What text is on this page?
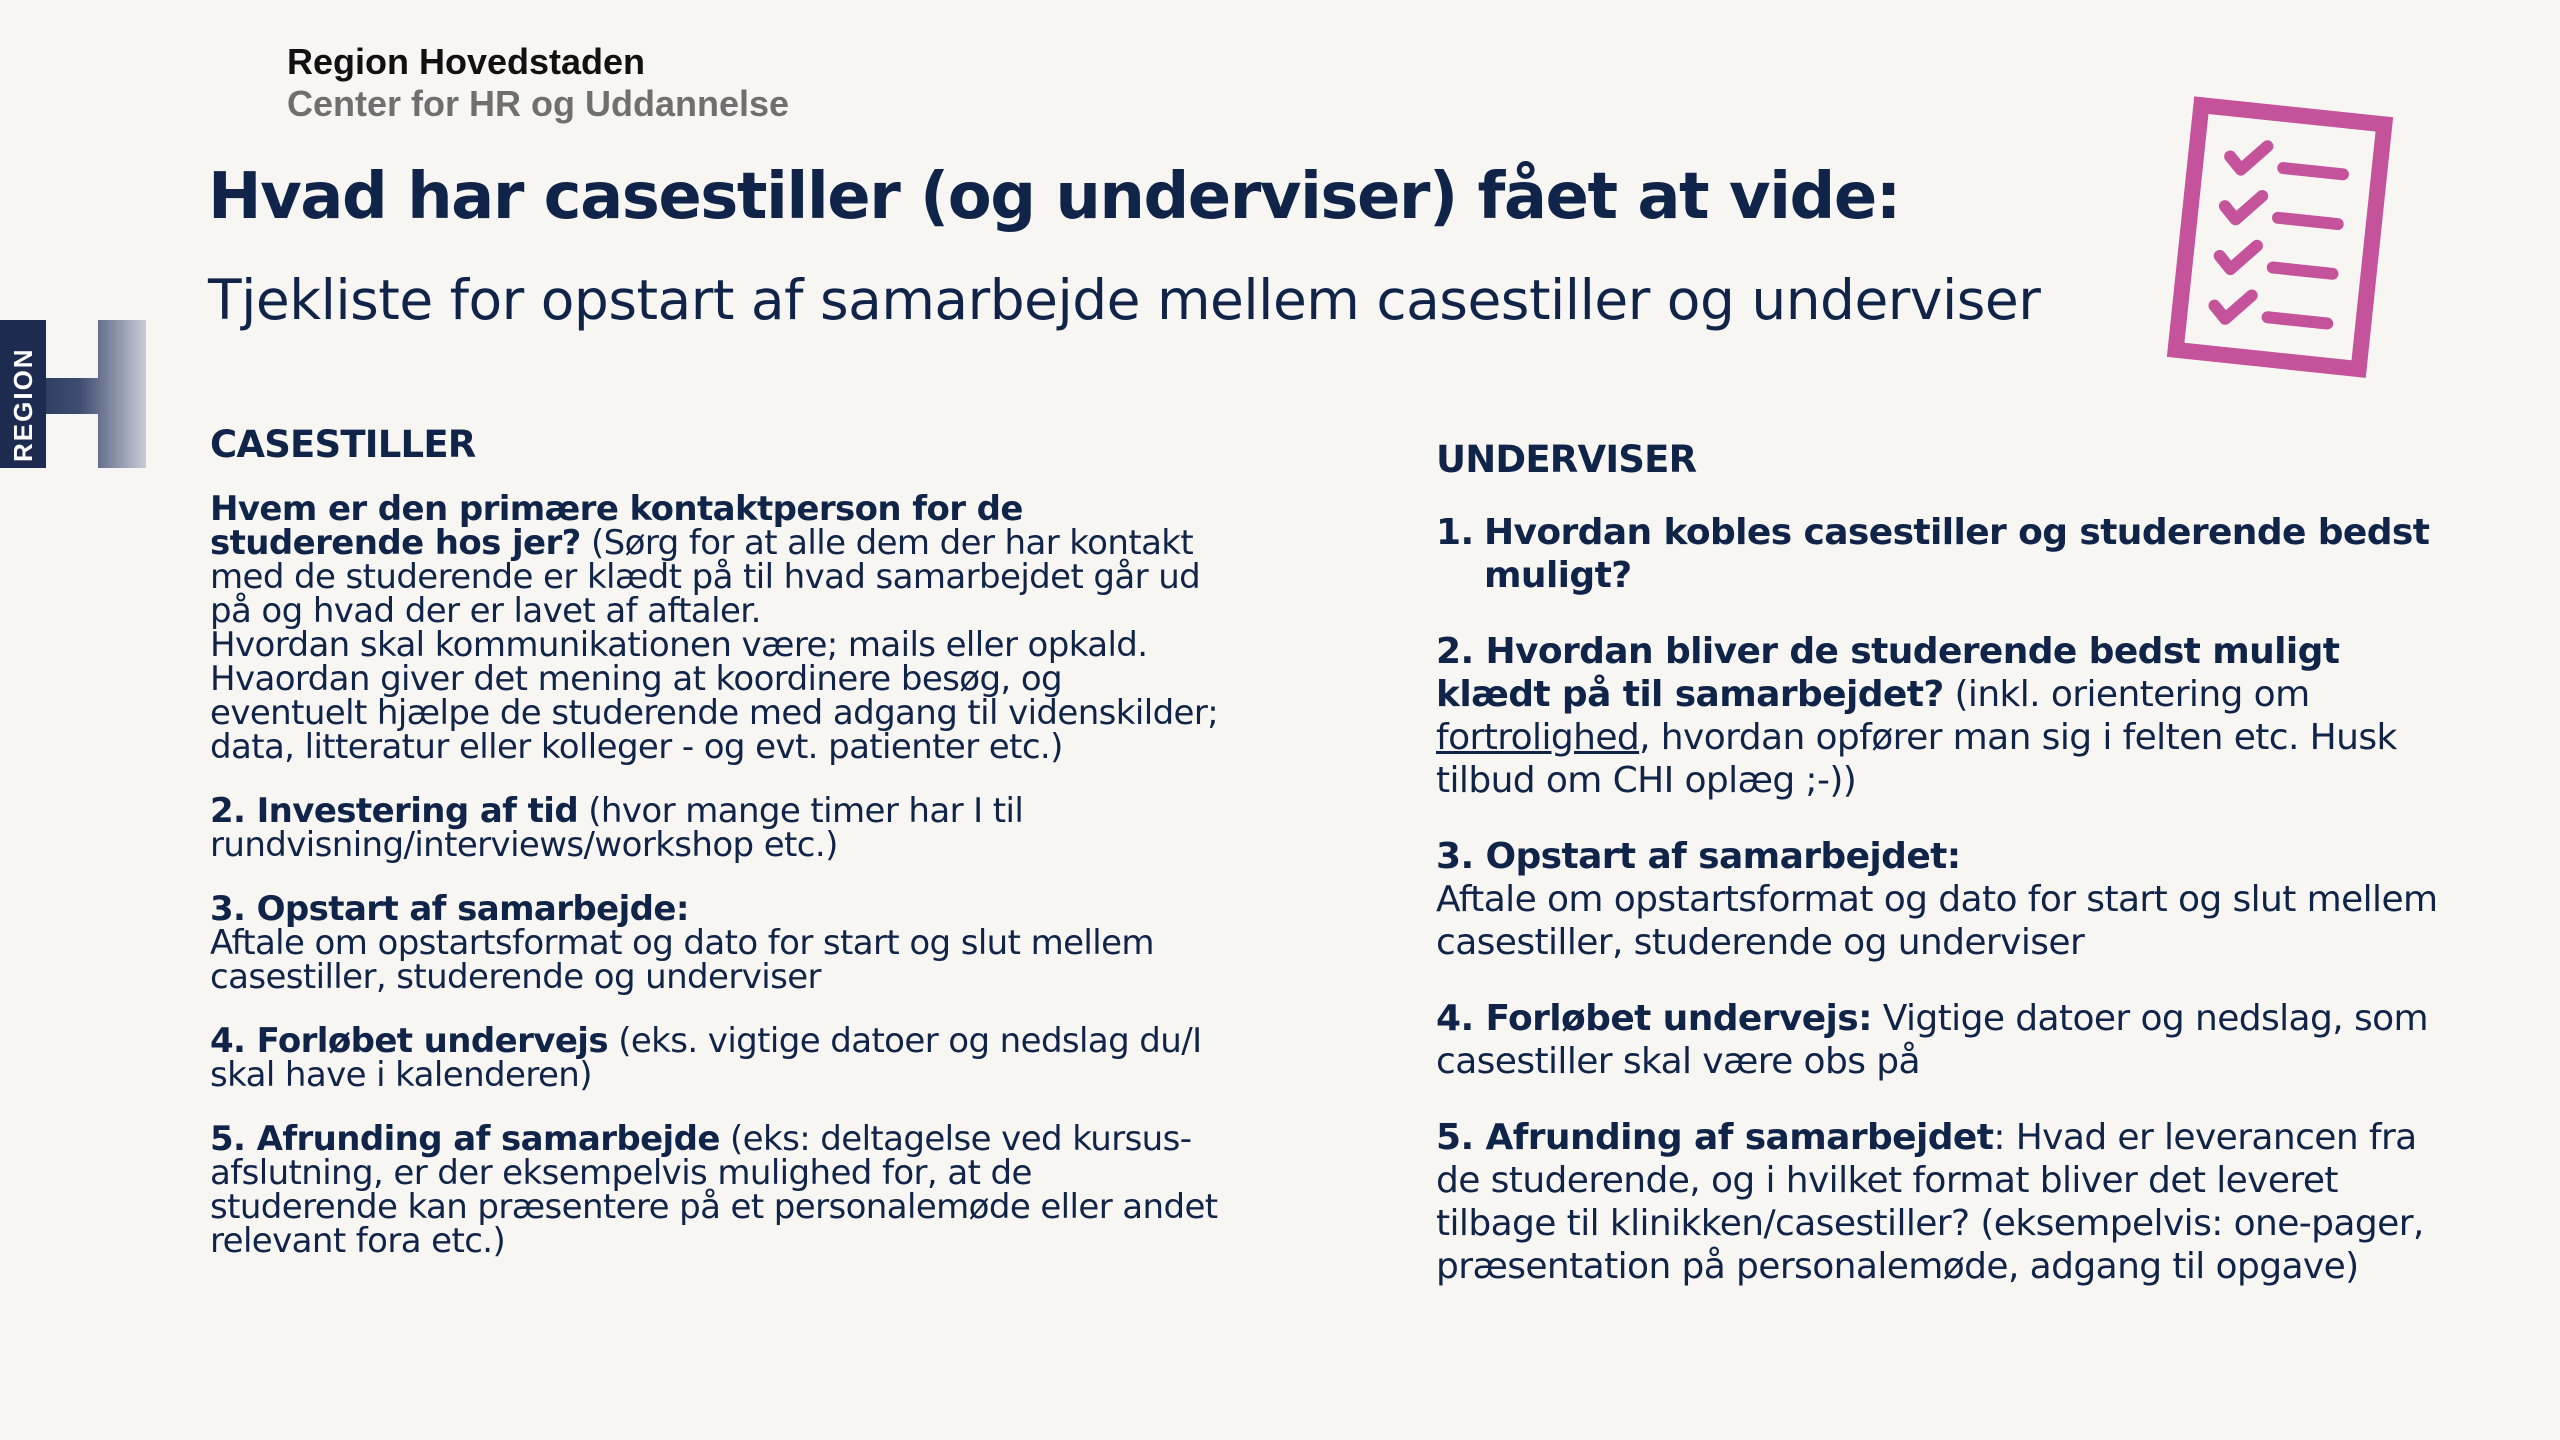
Region Hovedstaden
Center for HR og Uddannelse
Hvad har casestiller (og underviser) fået at vide:
Tjekliste for opstart af samarbejde mellem casestiller og underviser
REGION	CASESTILLER

Hvem er den primære kontaktperson for de studerende hos jer? (Sørg for at alle dem der har kontakt med de studerende er klædt på til hvad samarbejdet går ud på og hvad der er lavet af aftaler.
Hvordan skal kommunikationen være; mails eller opkald. Hvaordan giver det mening at koordinere besøg, og eventuelt hjælpe de studerende med adgang til videnskilder; data, litteratur eller kolleger - og evt. patienter etc.)

2. Investering af tid (hvor mange timer har I til rundvisning/interviews/workshop etc.)

3. Opstart af samarbejde:
Aftale om opstartsformat og dato for start og slut mellem casestiller, studerende og underviser

4. Forløbet undervejs (eks. vigtige datoer og nedslag du/I skal have i kalenderen)

5. Afrunding af samarbejde (eks: deltagelse ved kursus-afslutning, er der eksempelvis mulighed for, at de studerende kan præsentere på et personalemøde eller andet relevant fora etc.)

UNDERVISER

1. Hvordan kobles casestiller og studerende bedst muligt?

2. Hvordan bliver de studerende bedst muligt klædt på til samarbejdet? (inkl. orientering om fortrolighed, hvordan opfører man sig i felten etc. Husk tilbud om CHI oplæg ;-))

3. Opstart af samarbejdet:
Aftale om opstartsformat og dato for start og slut mellem casestiller, studerende og underviser

4. Forløbet undervejs: Vigtige datoer og nedslag, som casestiller skal være obs på

5. Afrunding af samarbejdet: Hvad er leverancen fra de studerende, og i hvilket format bliver det leveret tilbage til klinikken/casestiller? (eksempelvis: one-pager, præsentation på personalemøde, adgang til opgave)
